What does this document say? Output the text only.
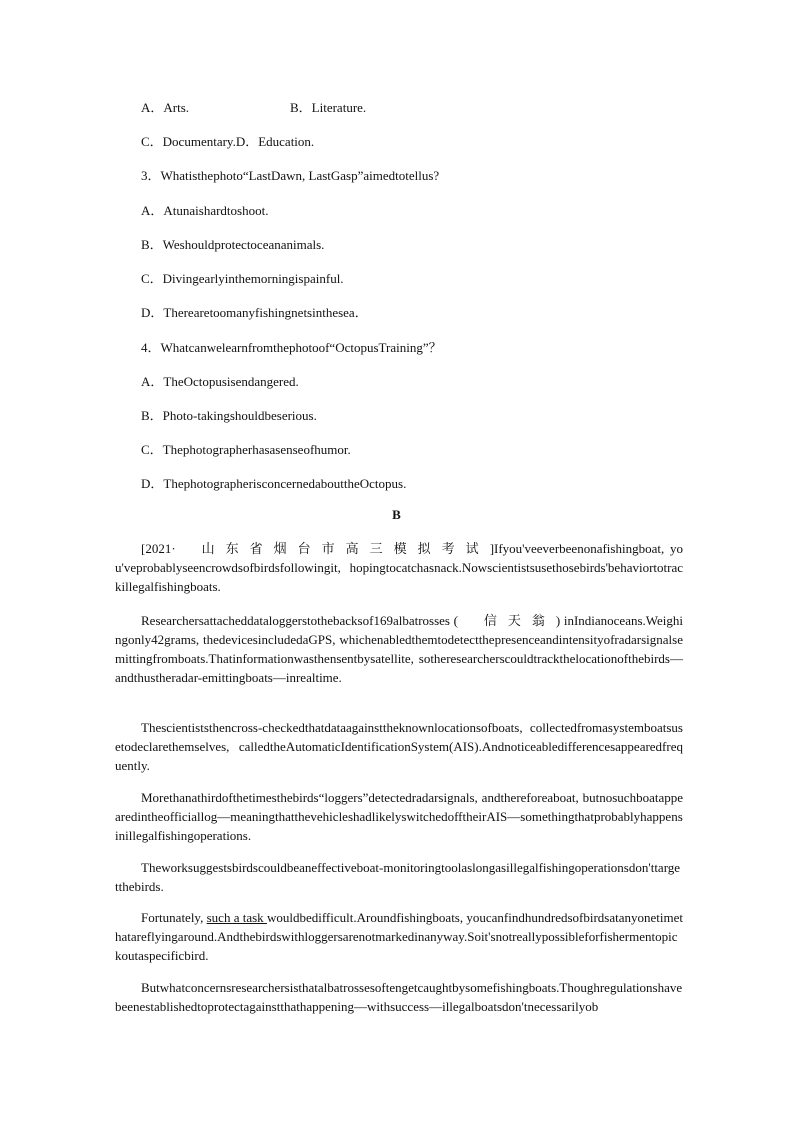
A．Arts.	B．Literature.
C．Documentary.D．Education.
3．Whatisthephoto“LastDawn, LastGasp”aimedtotellus?
A．Atunaishardtoshoot.
B．Weshouldprotectoceananimals.
C．Divingearlyinthemorningispainful.
D．Therearetoomanyfishingnetsinthesea．
4．Whatcanwelearnfromthephotoof“OctopusTraining”？
A．TheOctopusisendangered.
B．Photo-takingshouldbeserious.
C．Thephotographerhasasenseofhumor.
D．ThephotographerisconcernedabouttheOctopus.
B

[2021· 山东省烟台市高三模拟考试]Ifyou'veeverbeenonafishingboat, you'veprobablyseencrowdsofbirdsfollowingit, hopingtocatchasnack.Nowscientistsusethosebirds'behaviortotrackillegalfishingboats.

Researchersattacheddataloggerstothebacksof169albatrosses ( 信天翁) inIndianoceans.Weighingonly42grams, thedevicesincludedaGPS, whichenabledthemtodetectthepresenceandintensityofradarsignalsemittingfromboats.Thatinformationwasthensentbysatellite, sotheresearcherscouldtrackthelocationofthebirds—andthustheradar-emittingboats—inrealtime.

Thescientiststhencross-checkedthatdataagainsttheknownlocationsofboats, collectedfromasystemboatsusetodeclarethemselves, calledtheAutomaticIdentificationSystem(AIS).Andnoticeabledifferencesappearedfrequently.

Morethanathirdofthetimesthebirds“loggers”detectedradarsignals, andthereforeaboat, butnosuchboatappearedintheofficiallog—meaningthatthevehicleshadlikelyswitchedofftheirAIS—somethingthatprobablyhappensinillegalfishingoperations.

Theworksuggestsbirdscouldbeaneffectiveboat-monitoringtoolaslongasillegalfishingoperationsdon'ttargetthebirds.

Fortunately, such a task wouldbedifficult.Aroundfishingboats, youcanfindhundredsofbirdsatanyonetimethatareflyingaround.Andthebirdswithloggersarenotmarkedinanyway.Soit'snotreallypossibleforfishermentopickoutaspecificbird.

Butwhatconcernsresearchersisthatalbatrossesoftengetcaughtbysomefishingboats.Thoughregulationshavebeenestablishedtoprotectagainstthathappening—withsuccess—illegalboatsdon'tnecessarilyob
